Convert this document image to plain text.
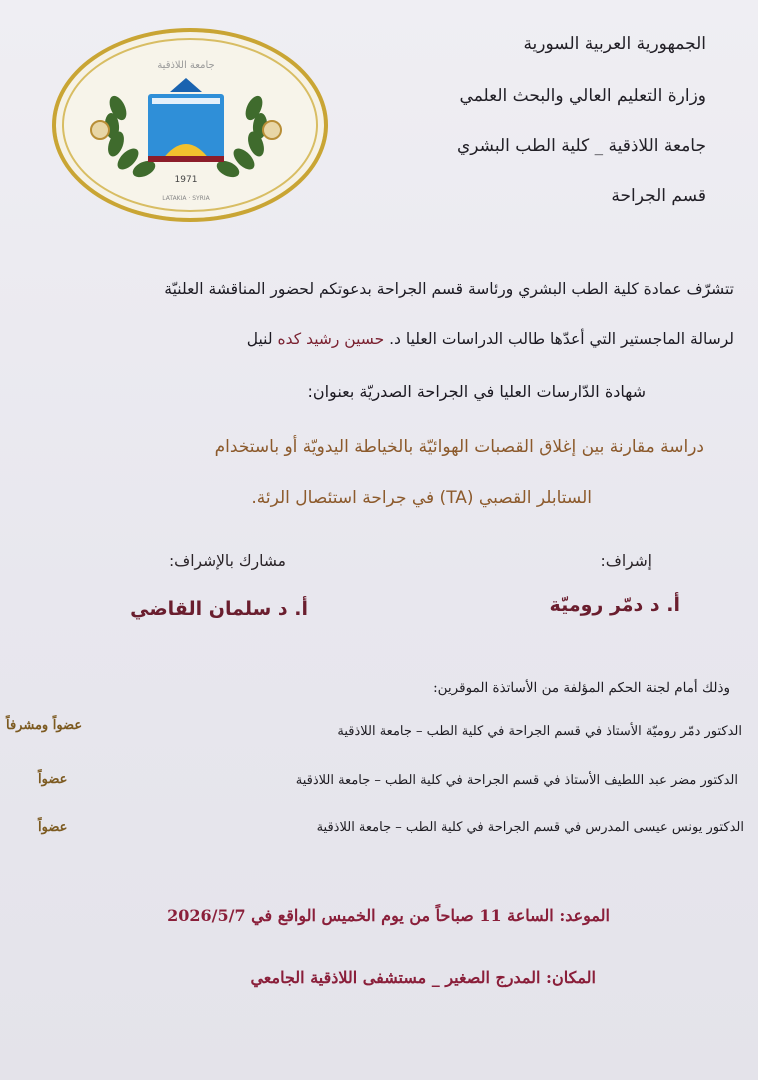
الجمهورية العربية السورية
وزارة التعليم العالي والبحث العلمي
جامعة اللاذقية _ كلية الطب البشري
قسم الجراحة
1971
LATAKIA · SYRIA
جامعة اللاذقية
تتشرّف عمادة كلية الطب البشري ورئاسة قسم الجراحة بدعوتكم لحضور المناقشة العلنيّة
لرسالة الماجستير التي أعدّها طالب الدراسات العليا د. حسين رشيد كده لنيل
شهادة الدّارسات العليا في الجراحة الصدريّة بعنوان:
دراسة مقارنة بين إغلاق القصبات الهوائيّة بالخياطة اليدويّة أو باستخدام
الستابلر القصبي (TA) في جراحة استئصال الرئة.
إشراف:
أ. د دمّر روميّة
مشارك بالإشراف:
أ. د سلمان القاضي
وذلك أمام لجنة الحكم المؤلفة من الأساتذة الموقرين:
الدكتور دمّر روميّة الأستاذ في قسم الجراحة في كلية الطب – جامعة اللاذقية
عضواً ومشرفاً
الدكتور مضر عبد اللطيف الأستاذ في قسم الجراحة في كلية الطب – جامعة اللاذقية
عضواً
الدكتور يونس عيسى المدرس في قسم الجراحة في كلية الطب – جامعة اللاذقية
عضواً
الموعد: الساعة 11 صباحاً من يوم الخميس الواقع في 2026/5/7
المكان: المدرج الصغير _ مستشفى اللاذقية الجامعي
